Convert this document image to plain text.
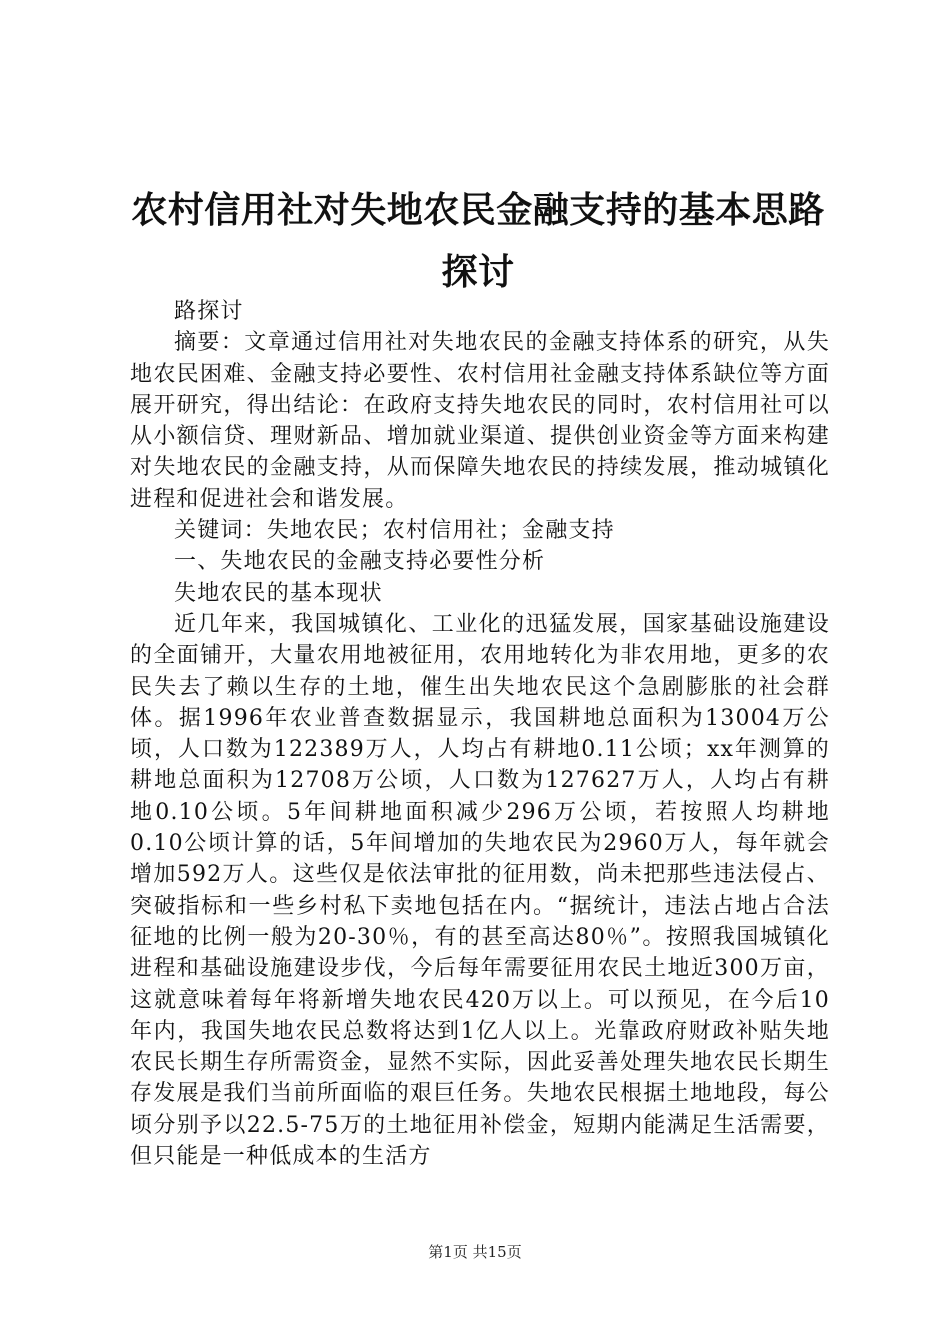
农村信用社对失地农民金融支持的基本思路探讨

路探讨

摘要：文章通过信用社对失地农民的金融支持体系的研究，从失地农民困难、金融支持必要性、农村信用社金融支持体系缺位等方面展开研究，得出结论：在政府支持失地农民的同时，农村信用社可以从小额信贷、理财新品、增加就业渠道、提供创业资金等方面来构建对失地农民的金融支持，从而保障失地农民的持续发展，推动城镇化进程和促进社会和谐发展。

关键词：失地农民；农村信用社；金融支持

一、失地农民的金融支持必要性分析

失地农民的基本现状

近几年来，我国城镇化、工业化的迅猛发展，国家基础设施建设的全面铺开，大量农用地被征用，农用地转化为非农用地，更多的农民失去了赖以生存的土地，催生出失地农民这个急剧膨胀的社会群体。据1996年农业普查数据显示，我国耕地总面积为13004万公顷，人口数为122389万人，人均占有耕地0.11公顷；xx年测算的耕地总面积为12708万公顷，人口数为127627万人，人均占有耕地0.10公顷。5年间耕地面积减少296万公顷，若按照人均耕地0.10公顷计算的话，5年间增加的失地农民为2960万人，每年就会增加592万人。这些仅是依法审批的征用数，尚未把那些违法侵占、突破指标和一些乡村私下卖地包括在内。“据统计，违法占地占合法征地的比例一般为20-30％，有的甚至高达80％”。按照我国城镇化进程和基础设施建设步伐，今后每年需要征用农民土地近300万亩，这就意味着每年将新增失地农民420万以上。可以预见，在今后10年内，我国失地农民总数将达到1亿人以上。光靠政府财政补贴失地农民长期生存所需资金，显然不实际，因此妥善处理失地农民长期生存发展是我们当前所面临的艰巨任务。失地农民根据土地地段，每公顷分别予以22.5-75万的土地征用补偿金，短期内能满足生活需要，但只能是一种低成本的生活方

第1页 共15页
